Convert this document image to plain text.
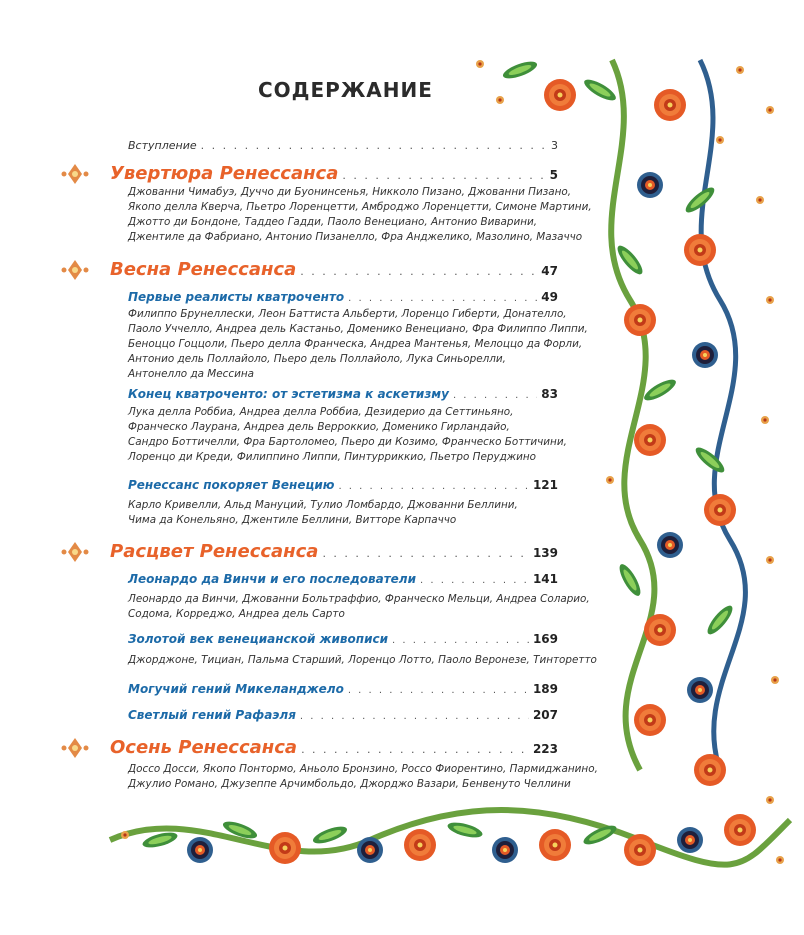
СОДЕРЖАНИЕ
Вступление . . .	3
Увертюра Ренессанса . . .	5
Джованни Чимабуэ, Дуччо ди Буонинсенья, Никколо Пизано, Джованни Пизано,
Якопо делла Кверча, Пьетро Лоренцетти, Амброджо Лоренцетти, Симоне Мартини,
Джотто ди Бондоне, Таддео Гадди, Паоло Венециано, Антонио Виварини,
Джентиле да Фабриано, Антонио Пизанелло, Фра Анджелико, Мазолино, Мазаччо
Весна Ренессанса . . .	47
Первые реалисты кватроченто . . .	49
Филиппо Брунеллески, Леон Баттиста Альберти, Лоренцо Гиберти, Донателло,
Паоло Уччелло, Андреа дель Кастаньо, Доменико Венециано, Фра Филиппо Липпи,
Беноццо Гоццоли, Пьеро делла Франческа, Андреа Мантенья, Мелоццо да Форли,
Антонио дель Поллайоло, Пьеро дель Поллайоло, Лука Синьорелли,
Антонелло да Мессина
Конец кватроченто: от эстетизма к аскетизму . . .	83
Лука делла Роббиа, Андреа делла Роббиа, Дезидерио да Сеттиньяно,
Франческо Лаурана, Андреа дель Верроккио, Доменико Гирландайо,
Сандро Боттичелли, Фра Бартоломео, Пьеро ди Козимо, Франческо Боттичини,
Лоренцо ди Креди, Филиппино Липпи, Пинтурриккио, Пьетро Перуджино
Ренессанс покоряет Венецию . . .	121
Карло Кривелли, Альд Мануций, Тулио Ломбардо, Джованни Беллини,
Чима да Конельяно, Джентиле Беллини, Витторе Карпаччо
Расцвет Ренессанса . . .	139
Леонардо да Винчи и его последователи . . .	141
Леонардо да Винчи, Джованни Больтраффио, Франческо Мельци, Андреа Соларио,
Содома, Корреджо, Андреа дель Сарто
Золотой век венецианской живописи . . .	169
Джорджоне, Тициан, Пальма Старший, Лоренцо Лотто, Паоло Веронезе, Тинторетто
Могучий гений Микеланджело . . .	189
Светлый гений Рафаэля . . .	207
Осень Ренессанса . . .	223
Доссо Досси, Якопо Понтормо, Аньоло Бронзино, Россо Фиорентино, Пармиджанино,
Джулио Романо, Джузеппе Арчимбольдо, Джорджо Вазари, Бенвенуто Челлини
